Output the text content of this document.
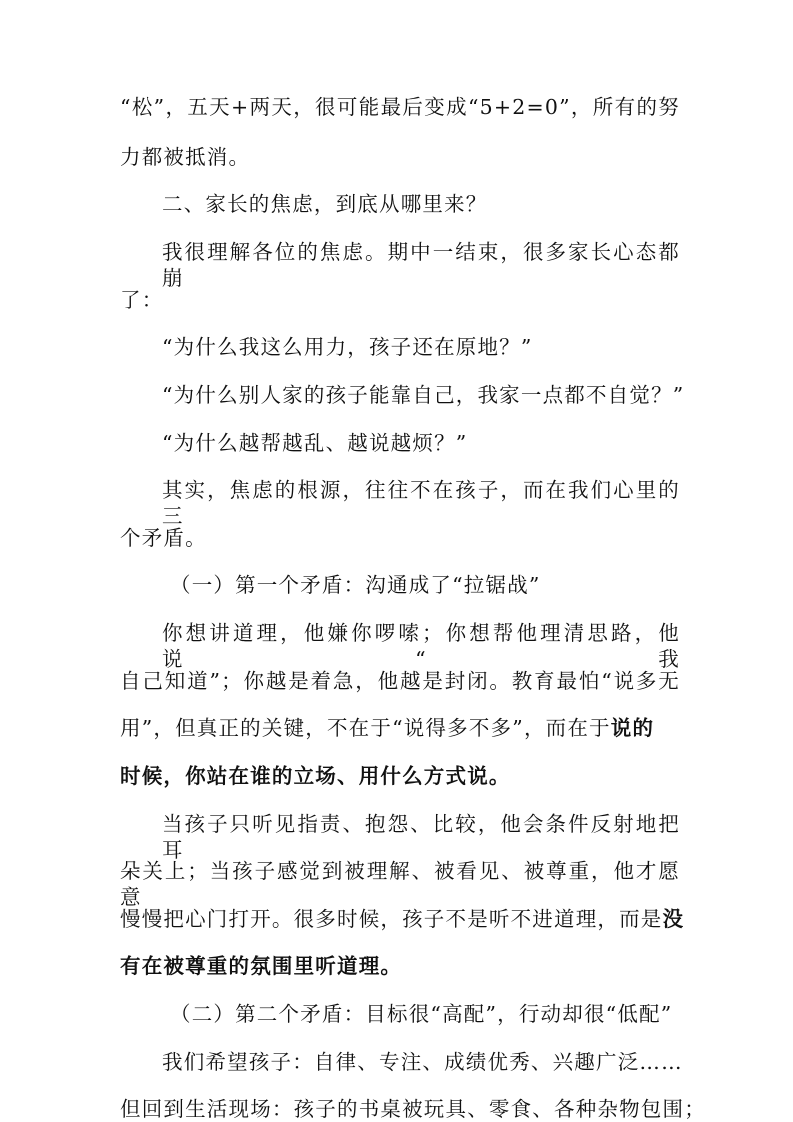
“松”，五天+两天，很可能最后变成“5+2=0”，所有的努
力都被抵消。
二、家长的焦虑，到底从哪里来？
我很理解各位的焦虑。期中一结束，很多家长心态都崩
了：
“为什么我这么用力，孩子还在原地？”
“为什么别人家的孩子能靠自己，我家一点都不自觉？”
“为什么越帮越乱、越说越烦？”
其实，焦虑的根源，往往不在孩子，而在我们心里的三
个矛盾。
（一）第一个矛盾：沟通成了“拉锯战”
你想讲道理，他嫌你啰嗦；你想帮他理清思路，他说“我
自己知道”；你越是着急，他越是封闭。教育最怕“说多无
用”，但真正的关键，不在于“说得多不多”，而在于说的
时候，你站在谁的立场、用什么方式说。
当孩子只听见指责、抱怨、比较，他会条件反射地把耳
朵关上；当孩子感觉到被理解、被看见、被尊重，他才愿意
慢慢把心门打开。很多时候，孩子不是听不进道理，而是没
有在被尊重的氛围里听道理。
（二）第二个矛盾：目标很“高配”，行动却很“低配”
我们希望孩子：自律、专注、成绩优秀、兴趣广泛……
但回到生活现场：孩子的书桌被玩具、零食、各种杂物包围；
